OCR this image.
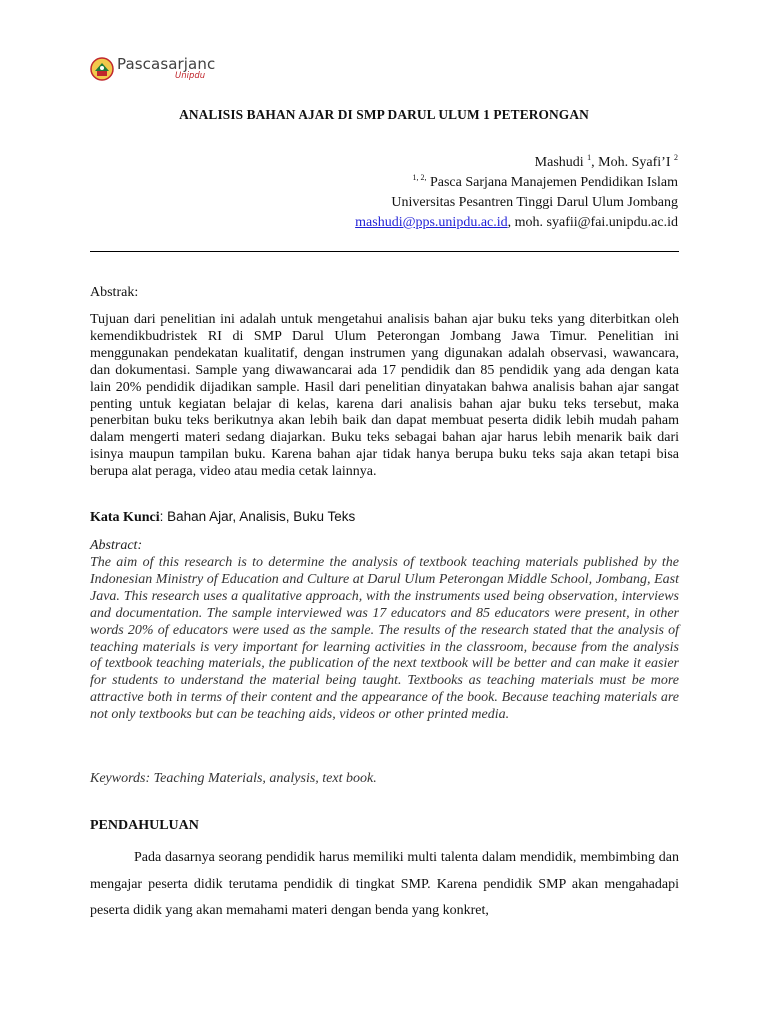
Pascasarjanc
Unipdu
ANALISIS BAHAN AJAR DI SMP DARUL ULUM 1 PETERONGAN
Mashudi $^1$, Moh. Syafi’I $^2$
$^{1, 2,}$ Pasca Sarjana Manajemen Pendidikan Islam
Universitas Pesantren Tinggi Darul Ulum Jombang
mashudi@pps.unipdu.ac.id, moh. syafii@fai.unipdu.ac.id
Abstrak:
Tujuan dari penelitian ini adalah untuk mengetahui analisis bahan ajar buku teks yang diterbitkan oleh kemendikbudristek RI di SMP Darul Ulum Peterongan Jombang Jawa Timur. Penelitian ini menggunakan pendekatan kualitatif, dengan instrumen yang digunakan adalah observasi, wawancara, dan dokumentasi. Sample yang diwawancarai ada 17 pendidik dan 85 pendidik yang ada dengan kata lain 20% pendidik dijadikan sample. Hasil dari penelitian dinyatakan bahwa analisis bahan ajar sangat penting untuk kegiatan belajar di kelas, karena dari analisis bahan ajar buku teks tersebut, maka penerbitan buku teks berikutnya akan lebih baik dan dapat membuat peserta didik lebih mudah paham dalam mengerti materi sedang diajarkan. Buku teks sebagai bahan ajar harus lebih menarik baik dari isinya maupun tampilan buku. Karena bahan ajar tidak hanya berupa buku teks saja akan tetapi bisa berupa alat peraga, video atau media cetak lainnya.
Kata Kunci: Bahan Ajar, Analisis, Buku Teks
Abstract:
The aim of this research is to determine the analysis of textbook teaching materials published by the Indonesian Ministry of Education and Culture at Darul Ulum Peterongan Middle School, Jombang, East Java. This research uses a qualitative approach, with the instruments used being observation, interviews and documentation. The sample interviewed was 17 educators and 85 educators were present, in other words 20% of educators were used as the sample. The results of the research stated that the analysis of teaching materials is very important for learning activities in the classroom, because from the analysis of textbook teaching materials, the publication of the next textbook will be better and can make it easier for students to understand the material being taught. Textbooks as teaching materials must be more attractive both in terms of their content and the appearance of the book. Because teaching materials are not only textbooks but can be teaching aids, videos or other printed media.
Keywords: Teaching Materials, analysis, text book.
PENDAHULUAN
Pada dasarnya seorang pendidik harus memiliki multi talenta dalam mendidik, membimbing dan mengajar peserta didik terutama pendidik di tingkat SMP. Karena pendidik SMP akan mengahadapi peserta didik yang akan memahami materi dengan benda yang konkret,
